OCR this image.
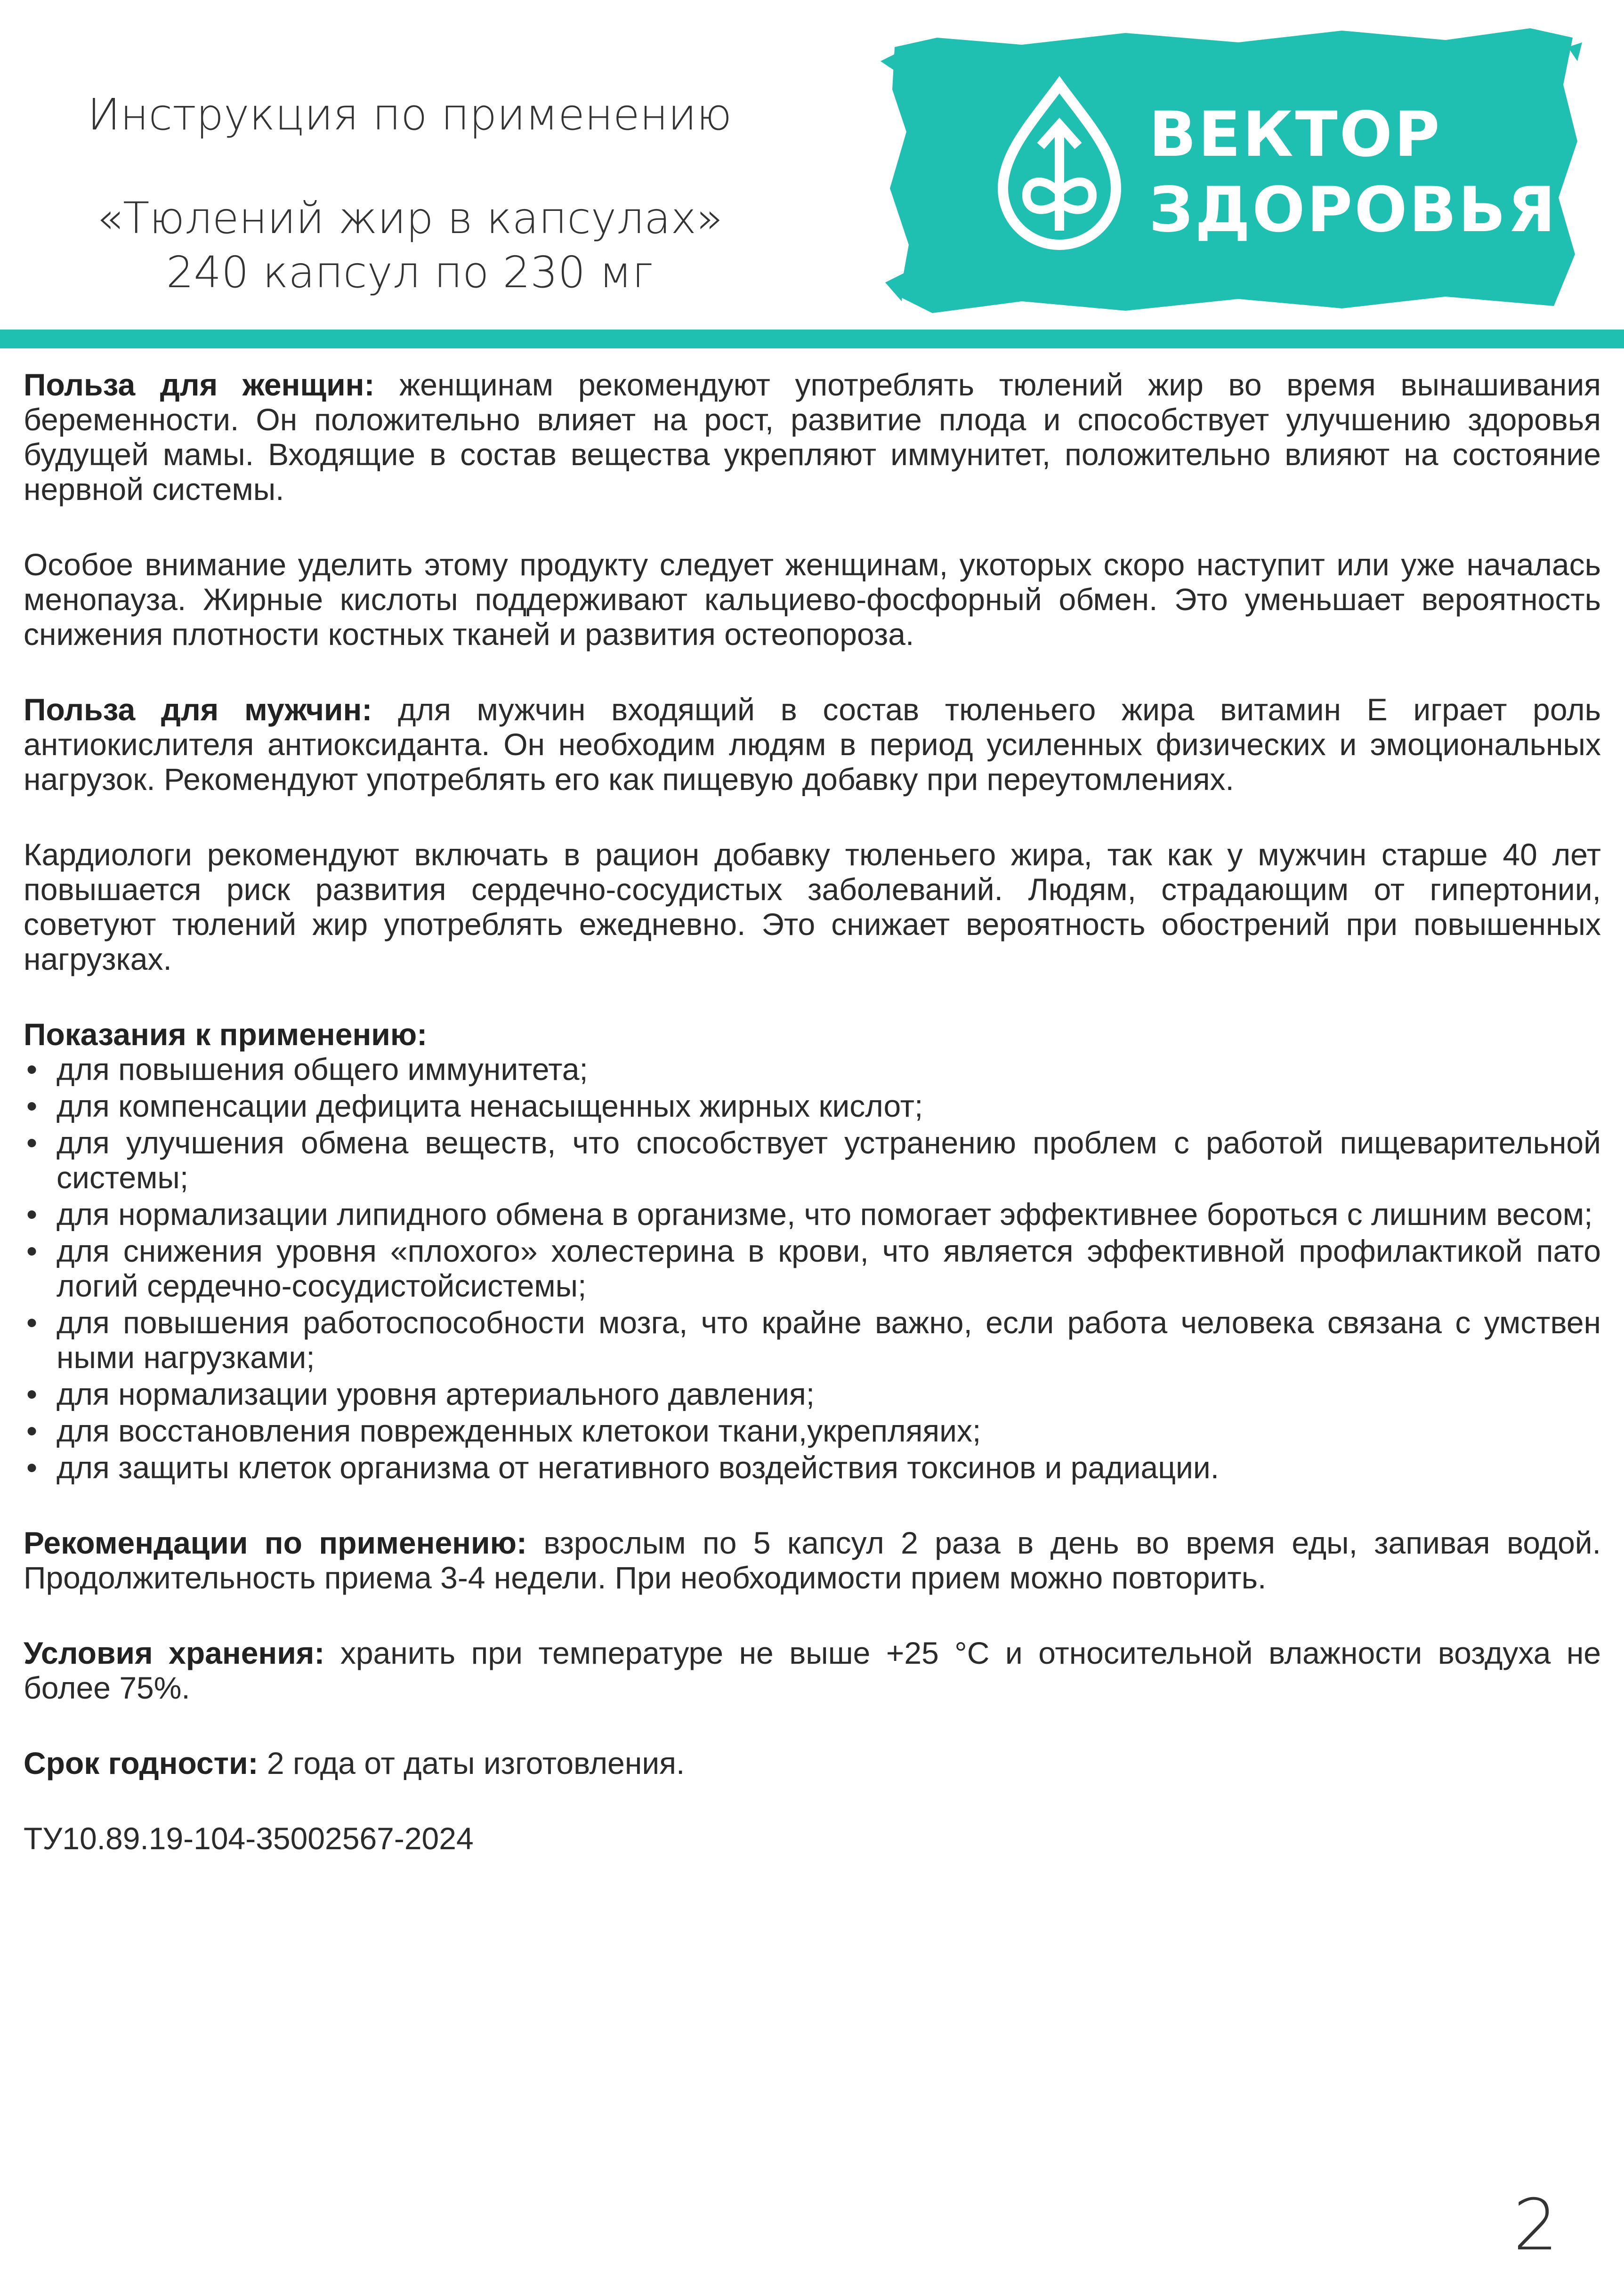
Инструкция по применению
«Тюлений жир в капсулах»
240 капсул по 230 мг
ВЕКТОР
ЗДОРОВЬЯ

Польза для женщин: женщинам рекомендуют употреблять тюлений жир во время вынашивания беременности. Он положительно влияет на рост, развитие плода и способствует улучшению здоровья будущей мамы. Входящие в состав вещества укрепляют иммунитет, положительно влияют на состояние нервной системы.

Особое внимание уделить этому продукту следует женщинам, укоторых скоро наступит или уже началась менопауза. Жирные кислоты поддерживают кальциево-фосфорный обмен. Это уменьшает вероятность снижения плотности костных тканей и развития остеопороза.

Польза для мужчин: для мужчин входящий в состав тюленьего жира витамин Е играет роль антиокислителя антиоксиданта. Он необходим людям в период усиленных физических и эмоциональных нагрузок. Рекомендуют употреблять его как пищевую добавку при переутомлениях.

Кардиологи рекомендуют включать в рацион добавку тюленьего жира, так как у мужчин старше 40 лет повышается риск развития сердечно-сосудистых заболеваний. Людям, страдающим от гипертонии, советуют тюлений жир употреблять ежедневно. Это снижает вероятность обострений при повышенных нагрузках.

Показания к применению:
• для повышения общего иммунитета;
• для компенсации дефицита ненасыщенных жирных кислот;
• для улучшения обмена веществ, что способствует устранению проблем с работой пищеварительной системы;
• для нормализации липидного обмена в организме, что помогает эффективнее бороться с лишним весом;
• для снижения уровня «плохого» холестерина в крови, что является эффективной профилактикой пато логий сердечно-сосудистойсистемы;
• для повышения работоспособности мозга, что крайне важно, если работа человека связана с умствен ными нагрузками;
• для нормализации уровня артериального давления;
• для восстановления поврежденных клетокои ткани,укрепляяих;
• для защиты клеток организма от негативного воздействия токсинов и радиации.

Рекомендации по применению: взрослым по 5 капсул 2 раза в день во время еды, запивая водой. Продолжительность приема 3-4 недели. При необходимости прием можно повторить.

Условия хранения: хранить при температуре не выше +25 °С и относительной влажности воздуха не более 75%.

Срок годности: 2 года от даты изготовления.

ТУ10.89.19-104-35002567-2024

2
